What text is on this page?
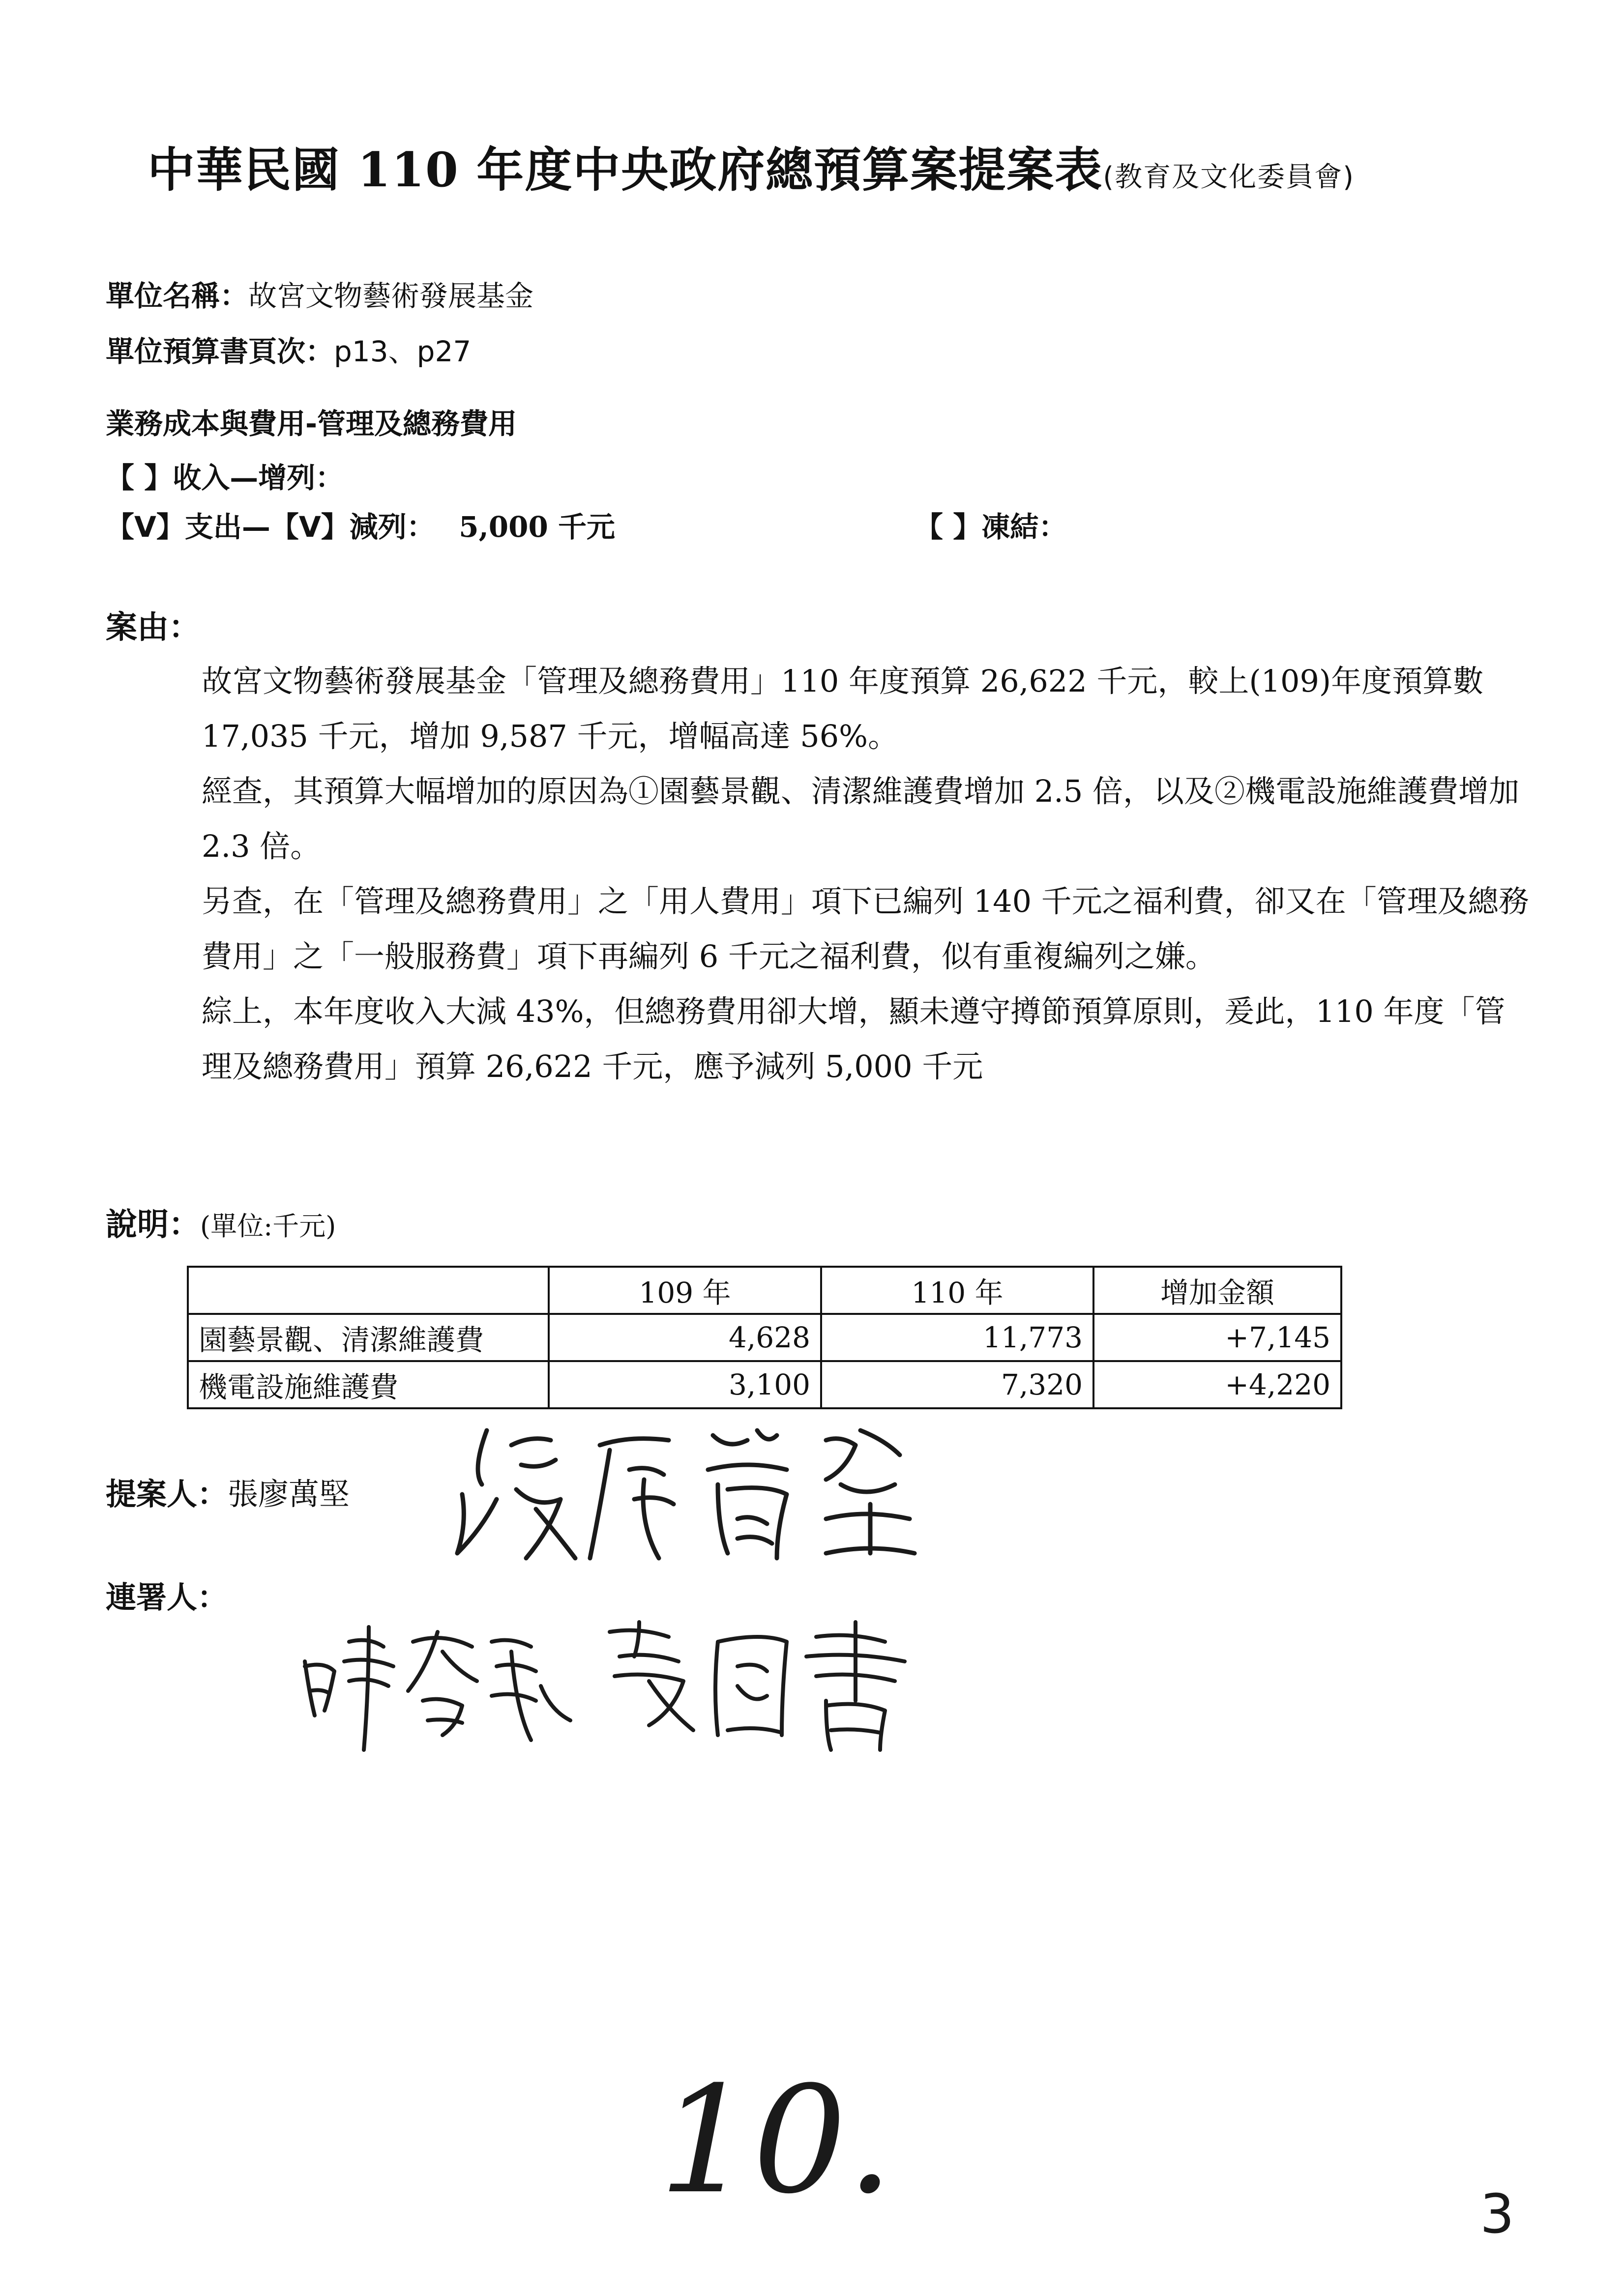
中華民國 110 年度中央政府總預算案提案表(教育及文化委員會)
單位名稱：故宮文物藝術發展基金
單位預算書頁次：p13、p27
業務成本與費用-管理及總務費用
【 】收入—增列：
【V】支出—【V】減列： 5,000 千元	【 】凍結：
案由：

故宮文物藝術發展基金「管理及總務費用」110 年度預算 26,622 千元，較上(109)年度預算數 17,035 千元，增加 9,587 千元，增幅高達 56%。

經查，其預算大幅增加的原因為①園藝景觀、清潔維護費增加 2.5 倍，以及②機電設施維護費增加 2.3 倍。

另查，在「管理及總務費用」之「用人費用」項下已編列 140 千元之福利費，卻又在「管理及總務費用」之「一般服務費」項下再編列 6 千元之福利費，似有重複編列之嫌。

綜上，本年度收入大減 43%，但總務費用卻大增，顯未遵守撙節預算原則，爰此，110 年度「管理及總務費用」預算 26,622 千元，應予減列 5,000 千元

說明：(單位:千元)
	109 年	110 年	增加金額
園藝景觀、清潔維護費	4,628	11,773	+7,145
機電設施維護費	3,100	7,320	+4,220
提案人：張廖萬堅
連署人：
10.	3
